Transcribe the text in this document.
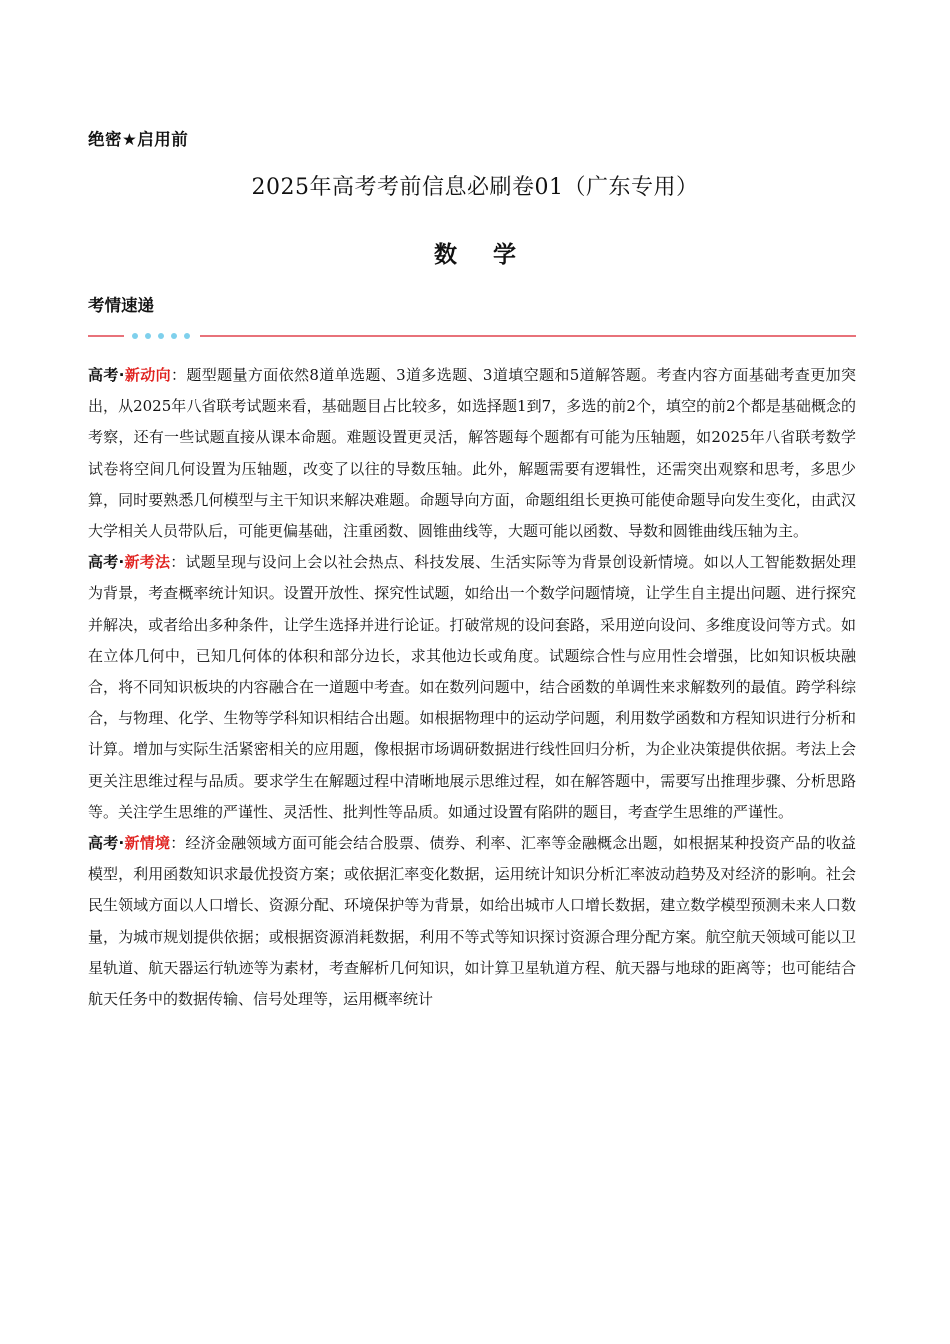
绝密★启用前
2025年高考考前信息必刷卷01（广东专用）
数 学
考情速递

高考·新动向：题型题量方面依然8道单选题、3道多选题、3道填空题和5道解答题。考查内容方面基础考查更加突出，从2025年八省联考试题来看，基础题目占比较多，如选择题1到7，多选的前2个，填空的前2个都是基础概念的考察，还有一些试题直接从课本命题。难题设置更灵活，解答题每个题都有可能为压轴题，如2025年八省联考数学试卷将空间几何设置为压轴题，改变了以往的导数压轴。此外，解题需要有逻辑性，还需突出观察和思考，多思少算，同时要熟悉几何模型与主干知识来解决难题。命题导向方面，命题组组长更换可能使命题导向发生变化，由武汉大学相关人员带队后，可能更偏基础，注重函数、圆锥曲线等，大题可能以函数、导数和圆锥曲线压轴为主。

高考·新考法：试题呈现与设问上会以社会热点、科技发展、生活实际等为背景创设新情境。如以人工智能数据处理为背景，考查概率统计知识。设置开放性、探究性试题，如给出一个数学问题情境，让学生自主提出问题、进行探究并解决，或者给出多种条件，让学生选择并进行论证。打破常规的设问套路，采用逆向设问、多维度设问等方式。如在立体几何中，已知几何体的体积和部分边长，求其他边长或角度。试题综合性与应用性会增强，比如知识板块融合，将不同知识板块的内容融合在一道题中考查。如在数列问题中，结合函数的单调性来求解数列的最值。跨学科综合，与物理、化学、生物等学科知识相结合出题。如根据物理中的运动学问题，利用数学函数和方程知识进行分析和计算。增加与实际生活紧密相关的应用题，像根据市场调研数据进行线性回归分析，为企业决策提供依据。考法上会更关注思维过程与品质。要求学生在解题过程中清晰地展示思维过程，如在解答题中，需要写出推理步骤、分析思路等。关注学生思维的严谨性、灵活性、批判性等品质。如通过设置有陷阱的题目，考查学生思维的严谨性。

高考·新情境：经济金融领域方面可能会结合股票、债券、利率、汇率等金融概念出题，如根据某种投资产品的收益模型，利用函数知识求最优投资方案；或依据汇率变化数据，运用统计知识分析汇率波动趋势及对经济的影响。社会民生领域方面以人口增长、资源分配、环境保护等为背景，如给出城市人口增长数据，建立数学模型预测未来人口数量，为城市规划提供依据；或根据资源消耗数据，利用不等式等知识探讨资源合理分配方案。航空航天领域可能以卫星轨道、航天器运行轨迹等为素材，考查解析几何知识，如计算卫星轨道方程、航天器与地球的距离等；也可能结合航天任务中的数据传输、信号处理等，运用概率统计
